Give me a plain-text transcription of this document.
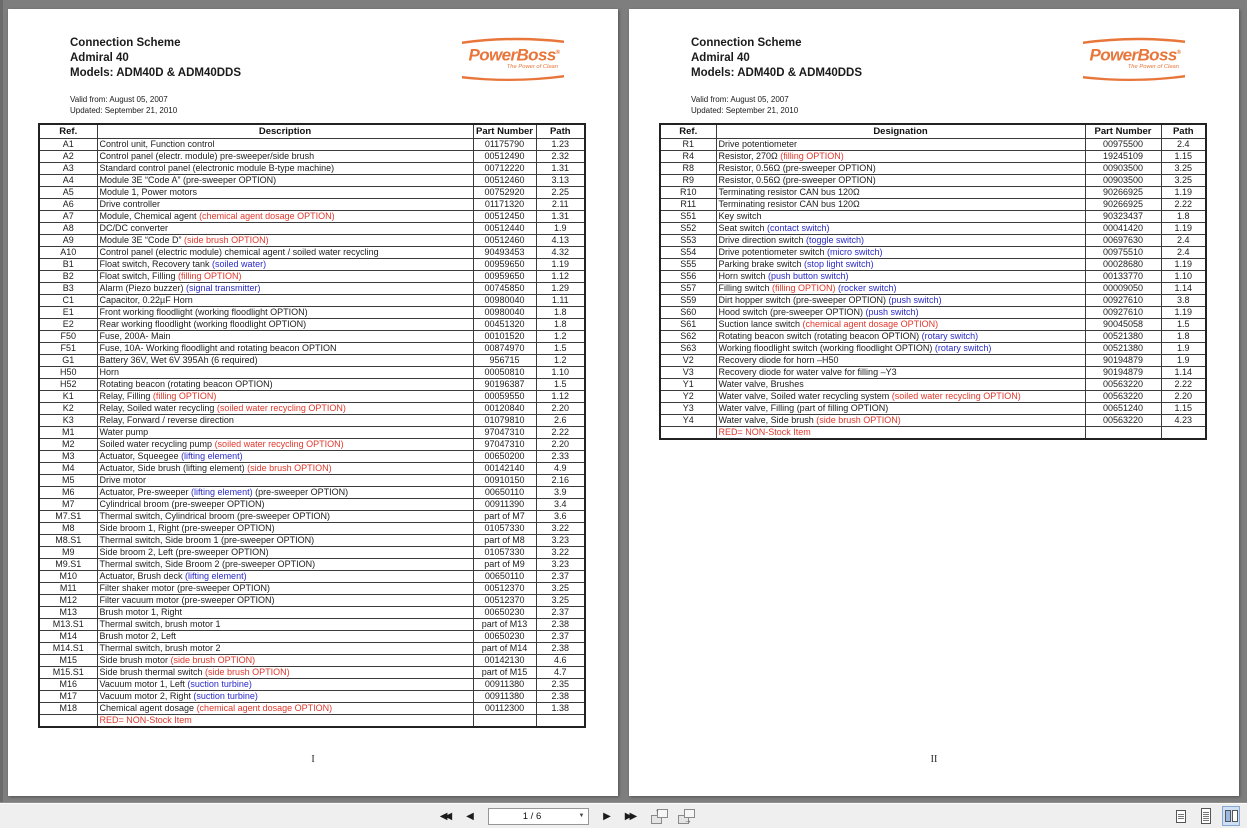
Connection Scheme
Admiral 40
Models: ADM40D & ADM40DDS
Valid from: August 05, 2007
Updated: September 21, 2010
PowerBoss®
The Power of Clean
Ref.	Description	Part Number	Path
A1	Control unit, Function control	01175790	1.23
A2	Control panel (electr. module) pre-sweeper/side brush	00512490	2.32
A3	Standard control panel (electronic module B-type machine)	00712220	1.31
A4	Module 3E “Code A” (pre-sweeper OPTION)	00512460	3.13
A5	Module 1, Power motors	00752920	2.25
A6	Drive controller	01171320	2.11
A7	Module, Chemical agent (chemical agent dosage OPTION)	00512450	1.31
A8	DC/DC converter	00512440	1.9
A9	Module 3E “Code D” (side brush OPTION)	00512460	4.13
A10	Control panel (electric module) chemical agent / soiled water recycling	90493453	4.32
B1	Float switch, Recovery tank (soiled water)	00959650	1.19
B2	Float switch, Filling (filling OPTION)	00959650	1.12
B3	Alarm (Piezo buzzer) (signal transmitter)	00745850	1.29
C1	Capacitor, 0.22µF Horn	00980040	1.11
E1	Front working floodlight (working floodlight OPTION)	00980040	1.8
E2	Rear working floodlight (working floodlight OPTION)	00451320	1.8
F50	Fuse, 200A- Main	00101520	1.2
F51	Fuse, 10A- Working floodlight and rotating beacon OPTION	00874970	1.5
G1	Battery 36V, Wet 6V 395Ah (6 required)	956715	1.2
H50	Horn	00050810	1.10
H52	Rotating beacon (rotating beacon OPTION)	90196387	1.5
K1	Relay, Filling (filling OPTION)	00059550	1.12
K2	Relay, Soiled water recycling (soiled water recycling OPTION)	00120840	2.20
K3	Relay, Forward / reverse direction	01079810	2.6
M1	Water pump	97047310	2.22
M2	Soiled water recycling pump (soiled water recycling OPTION)	97047310	2.20
M3	Actuator, Squeegee (lifting element)	00650200	2.33
M4	Actuator, Side brush (lifting element) (side brush OPTION)	00142140	4.9
M5	Drive motor	00910150	2.16
M6	Actuator, Pre-sweeper (lifting element) (pre-sweeper OPTION)	00650110	3.9
M7	Cylindrical broom (pre-sweeper OPTION)	00911390	3.4
M7.S1	Thermal switch, Cylindrical broom (pre-sweeper OPTION)	part of M7	3.6
M8	Side broom 1, Right (pre-sweeper OPTION)	01057330	3.22
M8.S1	Thermal switch, Side broom 1 (pre-sweeper OPTION)	part of M8	3.23
M9	Side broom 2, Left (pre-sweeper OPTION)	01057330	3.22
M9.S1	Thermal switch, Side Broom 2 (pre-sweeper OPTION)	part of M9	3.23
M10	Actuator, Brush deck (lifting element)	00650110	2.37
M11	Filter shaker motor (pre-sweeper OPTION)	00512370	3.25
M12	Filter vacuum motor (pre-sweeper OPTION)	00512370	3.25
M13	Brush motor 1, Right	00650230	2.37
M13.S1	Thermal switch, brush motor 1	part of M13	2.38
M14	Brush motor 2, Left	00650230	2.37
M14.S1	Thermal switch, brush motor 2	part of M14	2.38
M15	Side brush motor (side brush OPTION)	00142130	4.6
M15.S1	Side brush thermal switch (side brush OPTION)	part of M15	4.7
M16	Vacuum motor 1, Left (suction turbine)	00911380	2.35
M17	Vacuum motor 2, Right (suction turbine)	00911380	2.38
M18	Chemical agent dosage (chemical agent dosage OPTION)	00112300	1.38
	RED= NON-Stock Item		
I
Connection Scheme
Admiral 40
Models: ADM40D & ADM40DDS
Valid from: August 05, 2007
Updated: September 21, 2010
PowerBoss®
The Power of Clean
Ref.	Designation	Part Number	Path
R1	Drive potentiometer	00975500	2.4
R4	Resistor, 270Ω (filling OPTION)	19245109	1.15
R8	Resistor, 0.56Ω (pre-sweeper OPTION)	00903500	3.25
R9	Resistor, 0.56Ω (pre-sweeper OPTION)	00903500	3.25
R10	Terminating resistor CAN bus 120Ω	90266925	1.19
R11	Terminating resistor CAN bus 120Ω	90266925	2.22
S51	Key switch	90323437	1.8
S52	Seat switch (contact switch)	00041420	1.19
S53	Drive direction switch (toggle switch)	00697630	2.4
S54	Drive potentiometer switch (micro switch)	00975510	2.4
S55	Parking brake switch (stop light switch)	00028680	1.19
S56	Horn switch (push button switch)	00133770	1.10
S57	Filling switch (filling OPTION) (rocker switch)	00009050	1.14
S59	Dirt hopper switch (pre-sweeper OPTION) (push switch)	00927610	3.8
S60	Hood switch (pre-sweeper OPTION) (push switch)	00927610	1.19
S61	Suction lance switch (chemical agent dosage OPTION)	90045058	1.5
S62	Rotating beacon switch (rotating beacon OPTION) (rotary switch)	00521380	1.8
S63	Working floodlight switch (working floodlight OPTION) (rotary switch)	00521380	1.9
V2	Recovery diode for horn –H50	90194879	1.9
V3	Recovery diode for water valve for filling –Y3	90194879	1.14
Y1	Water valve, Brushes	00563220	2.22
Y2	Water valve, Soiled water recycling system (soiled water recycling OPTION)	00563220	2.20
Y3	Water valve, Filling (part of filling OPTION)	00651240	1.15
Y4	Water valve, Side brush (side brush OPTION)	00563220	4.23
	RED= NON-Stock Item		
II
◀◀	◀	1 / 6	▼	▶	▶▶	↑
→
